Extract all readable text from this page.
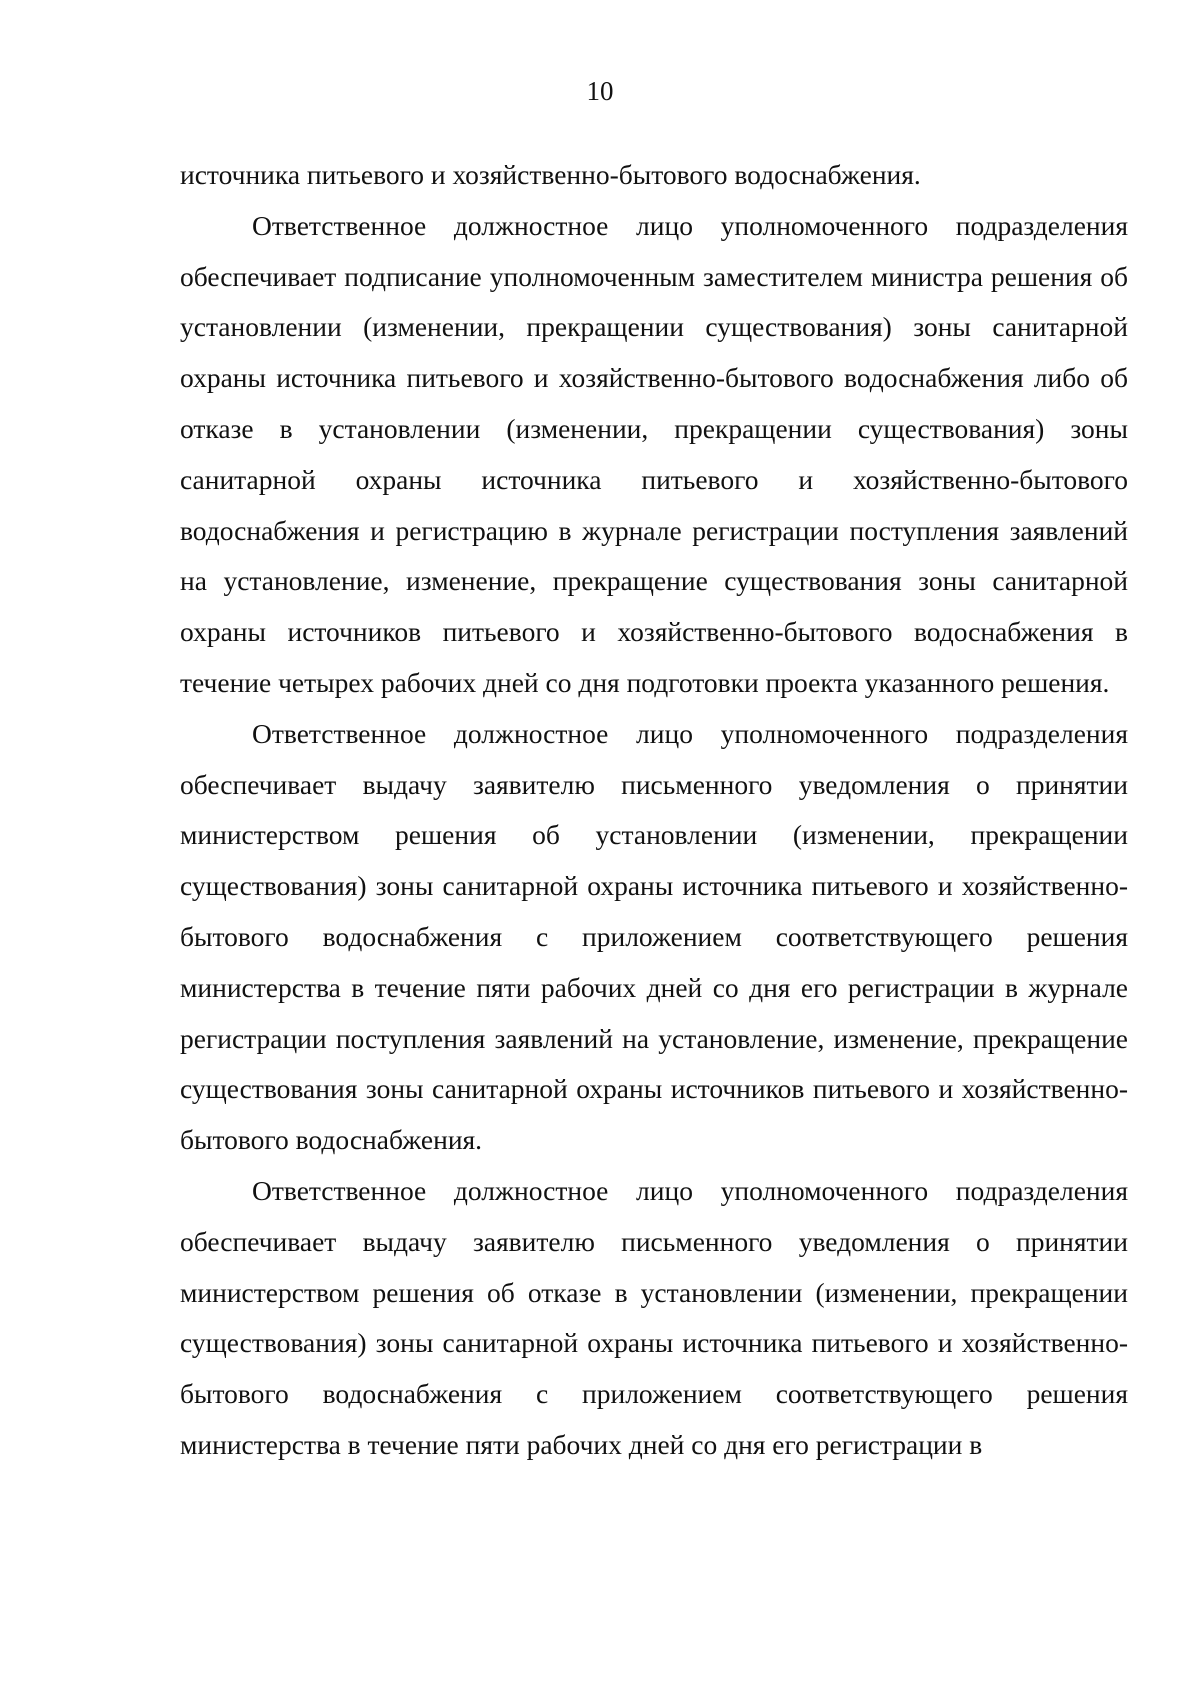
10

источника питьевого и хозяйственно-бытового водоснабжения.

Ответственное должностное лицо уполномоченного подразделения обеспечивает подписание уполномоченным заместителем министра решения об установлении (изменении, прекращении существования) зоны санитарной охраны источника питьевого и хозяйственно-бытового водоснабжения либо об отказе в установлении (изменении, прекращении существования) зоны санитарной охраны источника питьевого и хозяйственно-бытового водоснабжения и регистрацию в журнале регистрации поступления заявлений на установление, изменение, прекращение существования зоны санитарной охраны источников питьевого и хозяйственно-бытового водоснабжения в течение четырех рабочих дней со дня подготовки проекта указанного решения.

Ответственное должностное лицо уполномоченного подразделения обеспечивает выдачу заявителю письменного уведомления о принятии министерством решения об установлении (изменении, прекращении существования) зоны санитарной охраны источника питьевого и хозяйственно-бытового водоснабжения с приложением соответствующего решения министерства в течение пяти рабочих дней со дня его регистрации в журнале регистрации поступления заявлений на установление, изменение, прекращение существования зоны санитарной охраны источников питьевого и хозяйственно-бытового водоснабжения.

Ответственное должностное лицо уполномоченного подразделения обеспечивает выдачу заявителю письменного уведомления о принятии министерством решения об отказе в установлении (изменении, прекращении существования) зоны санитарной охраны источника питьевого и хозяйственно-бытового водоснабжения с приложением соответствующего решения министерства в течение пяти рабочих дней со дня его регистрации в
